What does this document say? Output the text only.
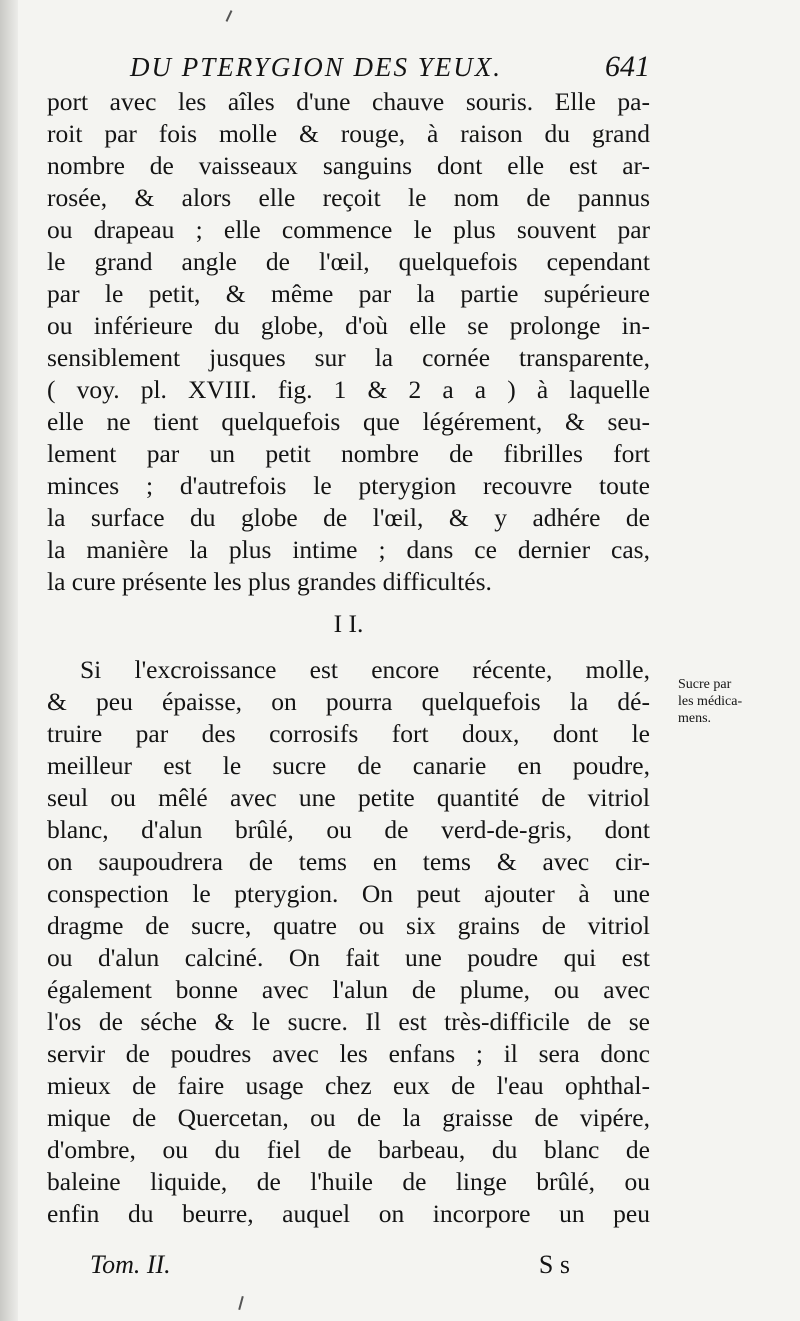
DU PTERYGION DES YEUX.	641
port avec les aîles d'une chauve souris. Elle pa-
roit par fois molle & rouge, à raison du grand
nombre de vaisseaux sanguins dont elle est ar-
rosée, & alors elle reçoit le nom de pannus
ou drapeau ; elle commence le plus souvent par
le grand angle de l'œil, quelquefois cependant
par le petit, & même par la partie supérieure
ou inférieure du globe, d'où elle se prolonge in-
sensiblement jusques sur la cornée transparente,
( voy. pl. XVIII. fig. 1 & 2 a a ) à laquelle
elle ne tient quelquefois que légérement, & seu-
lement par un petit nombre de fibrilles fort
minces ; d'autrefois le pterygion recouvre toute
la surface du globe de l'œil, & y adhére de
la manière la plus intime ; dans ce dernier cas,
la cure présente les plus grandes difficultés.
I I.
Si l'excroissance est encore récente, molle,
& peu épaisse, on pourra quelquefois la dé-
truire par des corrosifs fort doux, dont le
meilleur est le sucre de canarie en poudre,
seul ou mêlé avec une petite quantité de vitriol
blanc, d'alun brûlé, ou de verd-de-gris, dont
on saupoudrera de tems en tems & avec cir-
conspection le pterygion. On peut ajouter à une
dragme de sucre, quatre ou six grains de vitriol
ou d'alun calciné. On fait une poudre qui est
également bonne avec l'alun de plume, ou avec
l'os de séche & le sucre. Il est très-difficile de se
servir de poudres avec les enfans ; il sera donc
mieux de faire usage chez eux de l'eau ophthal-
mique de Quercetan, ou de la graisse de vipére,
d'ombre, ou du fiel de barbeau, du blanc de
baleine liquide, de l'huile de linge brûlé, ou
enfin du beurre, auquel on incorpore un peu
Sucre par
les médica-
mens.
Tom. II.	S s
